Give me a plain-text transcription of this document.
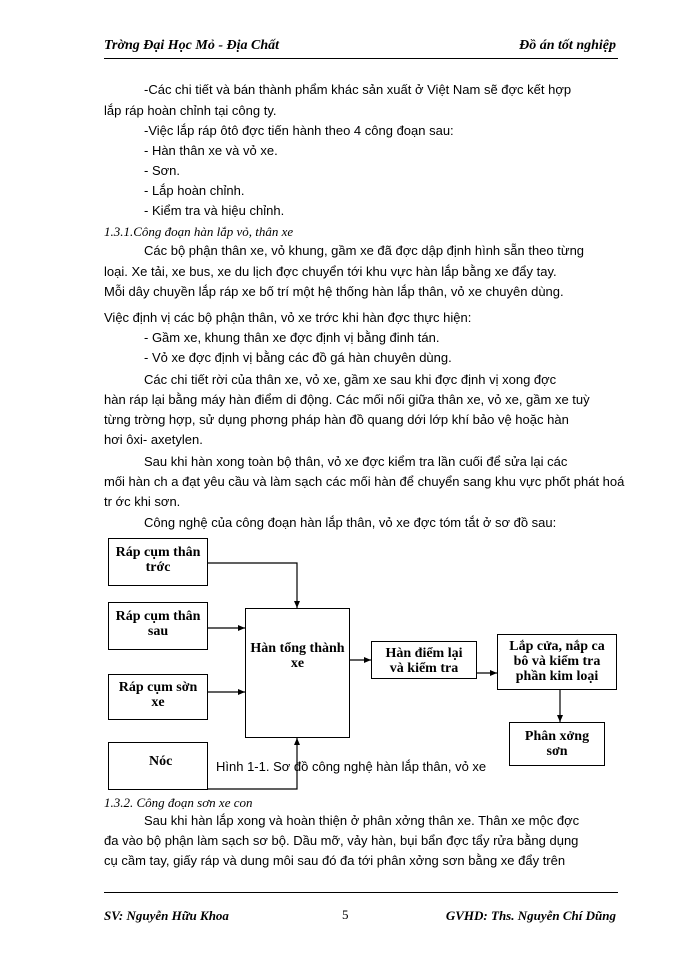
Trờng Đại Học Mỏ - Địa Chất	Đồ án tốt nghiệp
-Các chi tiết và bán thành phẩm khác sản xuất ở Việt Nam sẽ đợc kết hợp
lắp ráp hoàn chỉnh tại công ty.
-Việc lắp ráp ôtô đợc tiến hành theo 4 công đoạn sau:
- Hàn thân xe và vỏ xe.
- Sơn.
- Lắp hoàn chỉnh.
- Kiểm tra và hiệu chỉnh.
1.3.1.Công đoạn hàn lắp vỏ, thân xe
Các bộ phận thân xe, vỏ khung, gầm xe đã đợc dập định hình sẵn theo từng
loại. Xe tải, xe bus, xe du lịch đợc chuyển tới khu vực hàn lắp bằng xe đẩy tay.
Mỗi dây chuyền lắp ráp xe bố trí một hệ thống hàn lắp thân, vỏ xe chuyên dùng.
Việc định vị các bộ phận thân, vỏ xe trớc khi hàn đợc thực hiện:
- Gầm xe, khung thân xe đợc định vị bằng đinh tán.
- Vỏ xe đợc định vị bằng các đồ gá hàn chuyên dùng.
Các chi tiết rời của thân xe, vỏ xe, gầm xe sau khi đợc định vị xong đợc
hàn ráp lại bằng máy hàn điểm di động. Các mối nối giữa thân xe, vỏ xe, gầm xe tuỳ
từng trờng hợp, sử dụng phơng pháp hàn đồ quang dới lớp khí bảo vệ hoặc hàn
hơi ôxi- axetylen.
Sau khi hàn xong toàn bộ thân, vỏ xe đợc kiểm tra lần cuối để sửa lại các
mối hàn ch a đạt yêu cầu và làm sạch các mối hàn để chuyển sang khu vực phốt phát hoá
tr ớc khi sơn.
Công nghệ của công đoạn hàn lắp thân, vỏ xe đợc tóm tắt ở sơ đồ sau:
Ráp cụm thân
trớc
Ráp cụm thân
sau
Ráp cụm sờn
xe
Nóc
Hàn tổng thành
xe
Hàn điểm lại
và kiểm tra
Lắp cửa, nắp ca
bô và kiểm tra
phần kim loại
Phân xởng
sơn
Hình 1-1. Sơ đồ công nghệ hàn lắp thân, vỏ xe
1.3.2. Công đoạn sơn xe con
Sau khi hàn lắp xong và hoàn thiện ở phân xởng thân xe. Thân xe mộc đợc
đa vào bộ phận làm sạch sơ bộ. Dầu mỡ, vảy hàn, bụi bẩn đợc tẩy rửa bằng dụng
cụ cầm tay, giấy ráp và dung môi sau đó đa tới phân xởng sơn bằng xe đẩy trên
SV: Nguyễn Hữu Khoa	5	GVHD: Ths. Nguyễn Chí Dũng
